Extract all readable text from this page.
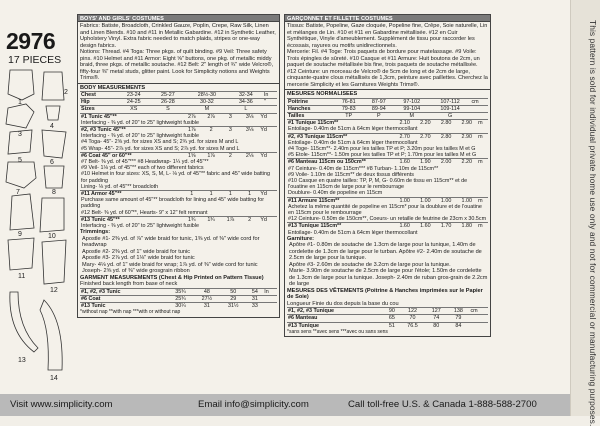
This pattern is sold for individual private home use only and not for commercial or manufacturing purposes.
2976
17 PIECES
1
2
3
4
5	6
7	8
9	10
11
12
13
14
BOYS' AND GIRLS' COSTUMES

Fabrics: Batiste, Broadcloth, Crinkled Gauze, Poplin, Crepe, Raw Silk, Linen and Linen Blends. #10 and #11 in Metallic Gabardine. #12 in Synthetic Leather, Upholstery Vinyl. Extra fabric needed to match plaids, stripes or one-way design fabrics.

Notions: Thread. #4 Toga: Three pkgs. of quilt binding. #9 Veil: Three safety pins. #10 Helmet and #11 Armor: Eight ⅝" buttons, one pkg. of metallic middy braid, three pkgs. of metallic soutache. #12 Belt: 2" length of ¾" wide Velcro®, fifty-four ⅜" metal studs, glitter paint. Look for Simplicity notions and Weights Trims®.

BODY MEASUREMENTS

Chest	23-24	25-27	28½-30	32-34	In
Hip	24-25	26-28	30-32	34-36	"
Sizes	XS	S	M	L	
#1 Tunic 45"**	2⅞	2⅞	3	3⅛	Yd
Interfacing - ⅜ yd. of 20" to 25" lightweight fusible					
#2, #3 Tunic 45"**	1⅞	2	3	3⅛	Yd
Interfacing - ⅜ yd. of 20" to 25" lightweight fusible					
#4 Toga- 45"- 2⅝ yd. for sizes XS and S; 2¾ yd. for sizes M and L					
#5 Wrap- 45"- 2⅞ yd. for sizes XS and S; 2⅞ yd. for sizes M and L					
#6 Coat 45" or 60"**	1⅝	1⅞	2	2⅛	Yd
#7 Belt- ⅜ yd. of 45"*** #8 Headwrap- 1¼ yd. of 45"**					
#9 Veil- 1⅛ yd. of 45"** each of two different fabrics					
#10 Helmet in four sizes: XS, S, M, L- ⅛ yd. of 45"** fabric and 45" wide batting for padding					
Lining- ⅛ yd. of 45"** broadcloth					
#11 Armor 45"**	1	1	1	1	Yd
Purchase same amount of 45"** broadcloth for lining and 45" wide batting for padding					
#12 Belt- ⅜ yd. of 60"**, Hearts- 9" x 12" felt remnant					
#13 Tunic 45"**	1¾	1¾	1⅞	2	Yd
Interfacing - ⅜ yd. of 20" to 25" lightweight fusible					

Trimmings:

Apostle #1- 2⅜ yd. of ⅞" wide braid for tunic, 1⅜ yd. of ⅜" wide cord for headwrap

Apostle #2- 2⅜ yd. of 1" wide braid for tunic

Apostle #3- 2⅞ yd. of 1⅛" wide braid for tunic

Mary- 4⅛ yd. of 1" wide braid for wrap; 1⅞ yd. of ⅜" wide cord for tunic

Joseph- 2⅝ yd. of ⅜" wide grosgrain ribbon

GARMENT MEASUREMENTS (Chest & Hip Printed on Pattern Tissue)

Finished back length from base of neck

#1, #2, #3 Tunic	35¾	48	50	54	In
#6 Coat	25¾	27½	29	31	
#13 Tunic	30¼	31	31½	33	

*without nap **with nap ***with or without nap

GARÇONNET ET FILLETTE COSTUMES

Tissus: Batiste, Popeline, Gaze cloquée, Popeline fine, Crêpe, Soie naturelle, Lin et mélanges de Lin. #10 et #11 en Gabardine métallisée. #12 en Cuir Synthétique, Vinyle d'ameublement. Supplément de tissu pour raccorder les écossais, rayures ou motifs unidirectionnels.

Mercerie: Fil. #4 Toge: Trois paquets de bordure pour matelassage. #9 Voile: Trois épingles de sûreté. #10 Casque et #11 Armure: Huit boutons de 2cm, un paquet de soutache métallisée bis fine, trois paquets de soutache métallisée. #12 Ceinture: un morceau de Velcro® de 5cm de long et de 2cm de large, cinquante-quatre clous métallisés de 1,3cm, peinture avec paillettes. Cherchez la mercerie Simplicity et les Garnitures Weights Trims®.

MESURES NORMALISEES

Poitrine	76-81	87-97	97-102	107-112	cm
Hanches	79-83	89-94	99-104	109-114	
Tailles	TP	P	M	G	
#1 Tunique 115cm**	2.10	2.20	2.80	2.90	m
Entoilage- 0.40m de 51cm à 64cm léger thermocollant					
#2, #3 Tunique 115cm**	2.70	2.70	2.80	2.90	m
Entoilage- 0.40m de 51cm à 64cm léger thermocollant					
#4 Toge- 115cm**- 2.40m pour les tailles TP et P; 3.20m pour les tailles M et G					
#5 Etole- 115cm**- 1.50m pour les tailles TP et P; 1.70m pour les tailles M et G					
#6 Manteau 115cm ou 150cm**	1.60	1.90	2.00	2.20	m
#7 Ceinture- 0.40m de 115cm*** #8 Turban- 1.10m de 115cm**					
#9 Voile- 1.10m de 115cm** de deux tissus différents					
#10 Casque en quatre tailles: TP, P, M, G- 0.60m de tissu en 115cm** et de l'ouatine en 115cm de large pour le rembourrage					
Doublure- 0.40m de popeline en 115cm					
#11 Armure 115cm**	1.00	1.00	1.00	1.00	m
Achetez la même quantité de popeline en 115cm* pour la doublure et de l'ouatine en 115cm pour le rembourrage					
#12 Ceinture- 0.50m de 150cm**, Coeurs- un retaille de feutrine de 23cm x 30.5cm					
#13 Tunique 115cm**	1.60	1.60	1.70	1.80	m
Entoilage- 0.40m de 51cm à 64cm léger thermocollant					

Garniture:

Apôtre #1- 0.80m de soutache de 1.3cm de large pour la tunique, 1.40m de cordelette de 1.3cm de large pour le turban. Apôtre #2- 2.40m de soutache de 2.5cm de large pour la tunique.

Apôtre #3- 2.60m de soutache de 3.2cm de large pour la tunique.

Marie- 3.90m de soutache de 2.5cm de large pour l'étole; 1.50m de cordelette de 1.3cm de large pour la tunique. Joseph- 2.40m de ruban gros-grain de 2.2cm de large

MESURES DES VÊTEMENTS (Poitrine & Hanches imprimées sur le Papier de Soie)

Longueur Finie du dos depuis la base du cou

#1, #2, #3 Tunique	90	122	127	138	cm
#6 Manteau	65	70	74	79	
#13 Tunique	51	76.5	80	84	

*sans sens **avec sens ***avec ou sans sens

Visit www.simplicity.com	Email info@simplicity.com	Call toll-free U.S. & Canada 1-888-588-2700
